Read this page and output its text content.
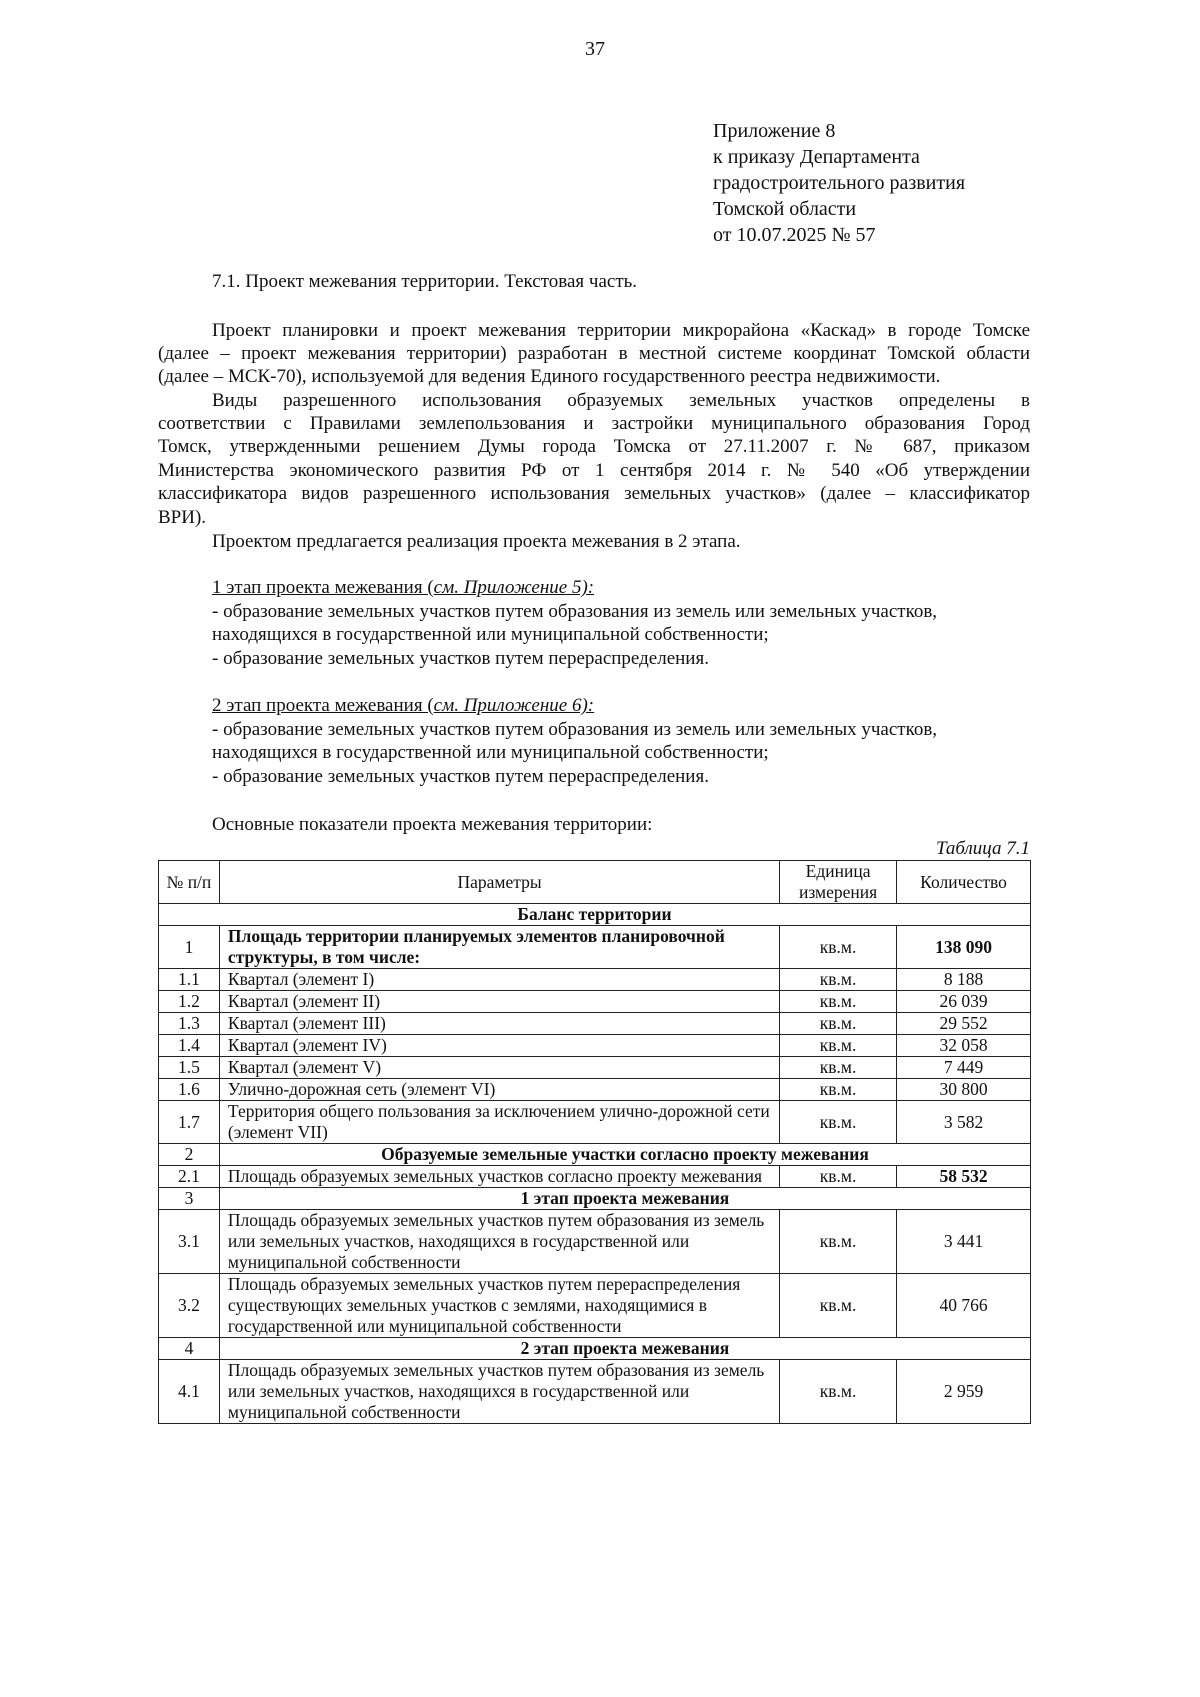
37
Приложение 8
к приказу Департамента
градостроительного развития
Томской области
от 10.07.2025 № 57
7.1. Проект межевания территории. Текстовая часть.
Проект планировки и проект межевания территории микрорайона «Каскад» в городе Томске
(далее – проект межевания территории) разработан в местной системе координат Томской области
(далее – МСК-70), используемой для ведения Единого государственного реестра недвижимости.
Виды разрешенного использования образуемых земельных участков определены в
соответствии с Правилами землепользования и застройки муниципального образования Город
Томск, утвержденными решением Думы города Томска от 27.11.2007 г. № 687, приказом
Министерства экономического развития РФ от 1 сентября 2014 г. № 540 «Об утверждении
классификатора видов разрешенного использования земельных участков» (далее – классификатор
ВРИ).
Проектом предлагается реализация проекта межевания в 2 этапа.
1 этап проекта межевания (см. Приложение 5):
- образование земельных участков путем образования из земель или земельных участков,
находящихся в государственной или муниципальной собственности;
- образование земельных участков путем перераспределения.
2 этап проекта межевания (см. Приложение 6):
- образование земельных участков путем образования из земель или земельных участков,
находящихся в государственной или муниципальной собственности;
- образование земельных участков путем перераспределения.
Основные показатели проекта межевания территории:
Таблица 7.1
№ п/п	Параметры	Единица измерения	Количество
Баланс территории			
1	Площадь территории планируемых элементов планировочной структуры, в том числе:	кв.м.	138 090
1.1	Квартал (элемент I)	кв.м.	8 188
1.2	Квартал (элемент II)	кв.м.	26 039
1.3	Квартал (элемент III)	кв.м.	29 552
1.4	Квартал (элемент IV)	кв.м.	32 058
1.5	Квартал (элемент V)	кв.м.	7 449
1.6	Улично-дорожная сеть (элемент VI)	кв.м.	30 800
1.7	Территория общего пользования за исключением улично-дорожной сети (элемент VII)	кв.м.	3 582
2	Образуемые земельные участки согласно проекту межевания		
2.1	Площадь образуемых земельных участков согласно проекту межевания	кв.м.	58 532
3	1 этап проекта межевания		
3.1	Площадь образуемых земельных участков путем образования из земель или земельных участков, находящихся в государственной или муниципальной собственности	кв.м.	3 441
3.2	Площадь образуемых земельных участков путем перераспределения существующих земельных участков с землями, находящимися в государственной или муниципальной собственности	кв.м.	40 766
4	2 этап проекта межевания		
4.1	Площадь образуемых земельных участков путем образования из земель или земельных участков, находящихся в государственной или муниципальной собственности	кв.м.	2 959
